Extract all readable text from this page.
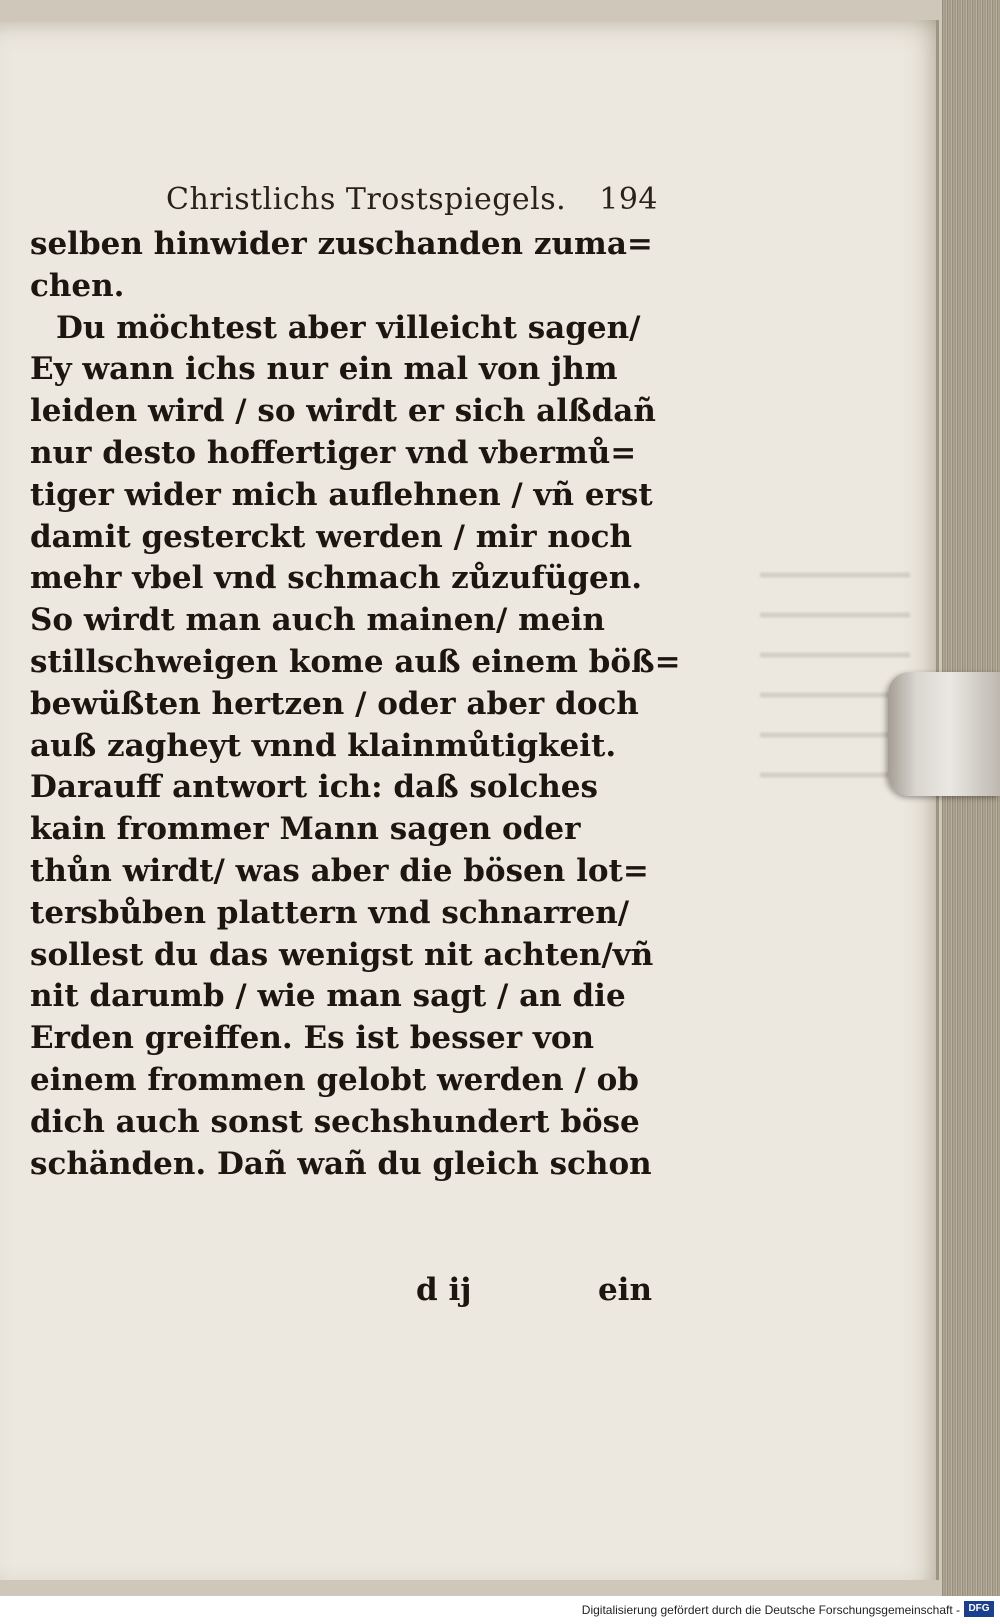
Christlichs Trostspiegels. 194
selben hinwider zuschanden zuma=
chen.
Du möchtest aber villeicht sagen/
Ey wann ichs nur ein mal von jhm
leiden wird / so wirdt er sich alßdañ
nur desto hoffertiger vnd vbermů=
tiger wider mich auflehnen / vñ erst
damit gesterckt werden / mir noch
mehr vbel vnd schmach zůzufügen.
So wirdt man auch mainen/ mein
stillschweigen kome auß einem böß=
bewüßten hertzen / oder aber doch
auß zagheyt vnnd klainmůtigkeit.
Darauff antwort ich: daß solches
kain frommer Mann sagen oder
thůn wirdt/ was aber die bösen lot=
tersbůben plattern vnd schnarren/
sollest du das wenigst nit achten/vñ
nit darumb / wie man sagt / an die
Erden greiffen. Es ist besser von
einem frommen gelobt werden / ob
dich auch sonst sechshundert böse
schänden. Dañ wañ du gleich schon
d ij	ein
Digitalisierung gefördert durch die Deutsche Forschungsgemeinschaft - DFG
